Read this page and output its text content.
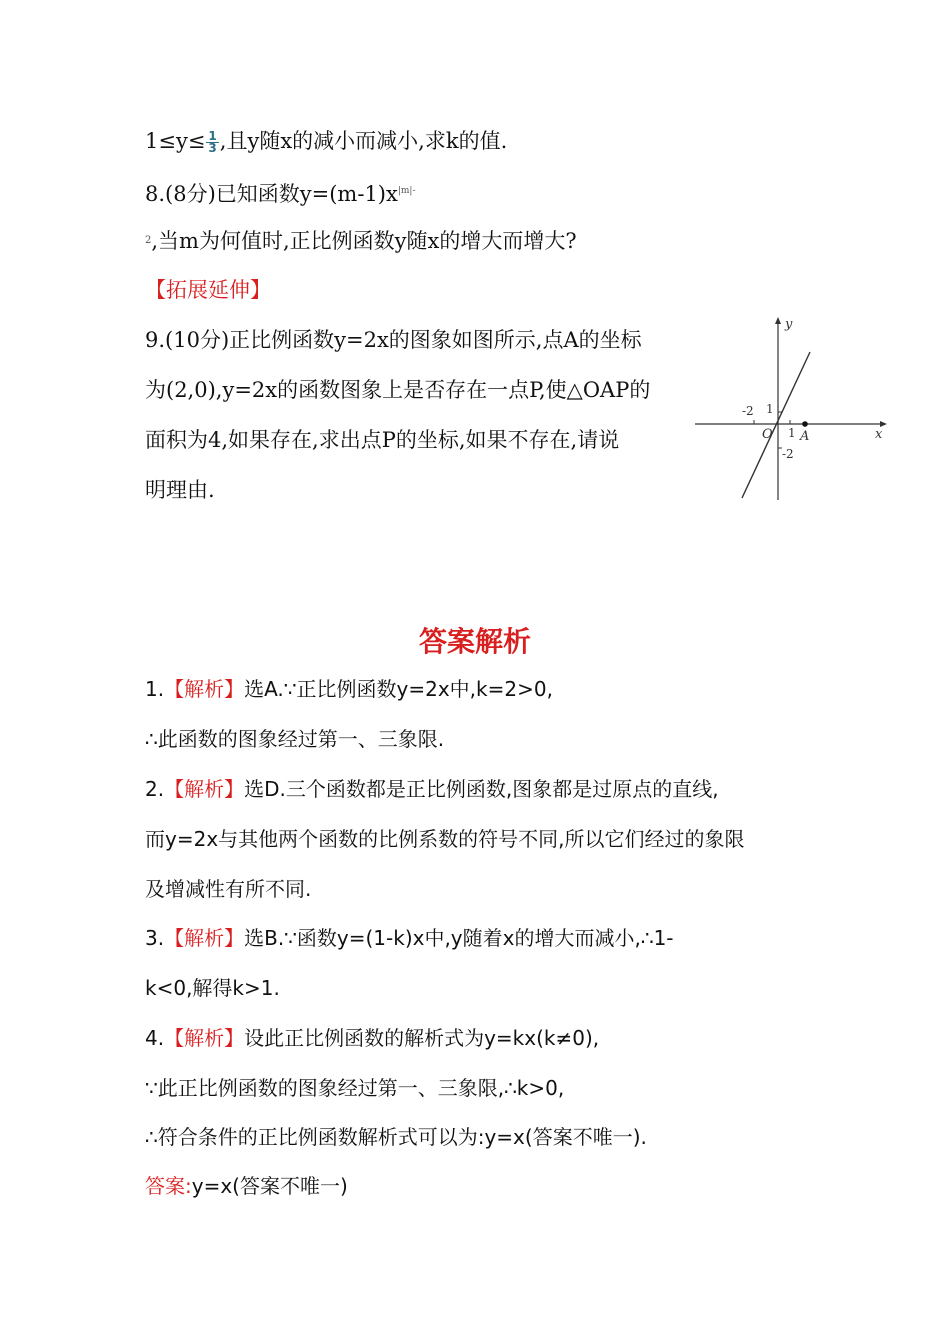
$1\le y\le \frac{1}{3}$ ,且y随x的减小而减小,求k的值.
8.(8分)已知函数$y=(m-1)x^{|m|-}$
$^2$,当m为何值时,正比例函数y随x的增大而增大?
【拓展延伸】
9.(10分)正比例函数y=2x的图象如图所示,点A的坐标
为(2,0),y=2x的函数图象上是否存在一点P,使△OAP的
面积为4,如果存在,求出点P的坐标,如果不存在,请说
明理由.
y
x
O A
-2
1
1
-2
答案解析
1.【解析】选A.∵正比例函数y=2x中,k=2>0,
∴此函数的图象经过第一、三象限.
2.【解析】选D.三个函数都是正比例函数,图象都是过原点的直线,
而y=2x与其他两个函数的比例系数的符号不同,所以它们经过的象限
及增减性有所不同.
3.【解析】选B.∵函数y=(1-k)x中,y随着x的增大而减小,∴1-
k<0,解得k>1.
4.【解析】设此正比例函数的解析式为y=kx(k≠0),
∵此正比例函数的图象经过第一、三象限,∴k>0,
∴符合条件的正比例函数解析式可以为:y=x(答案不唯一).
答案:y=x(答案不唯一)
